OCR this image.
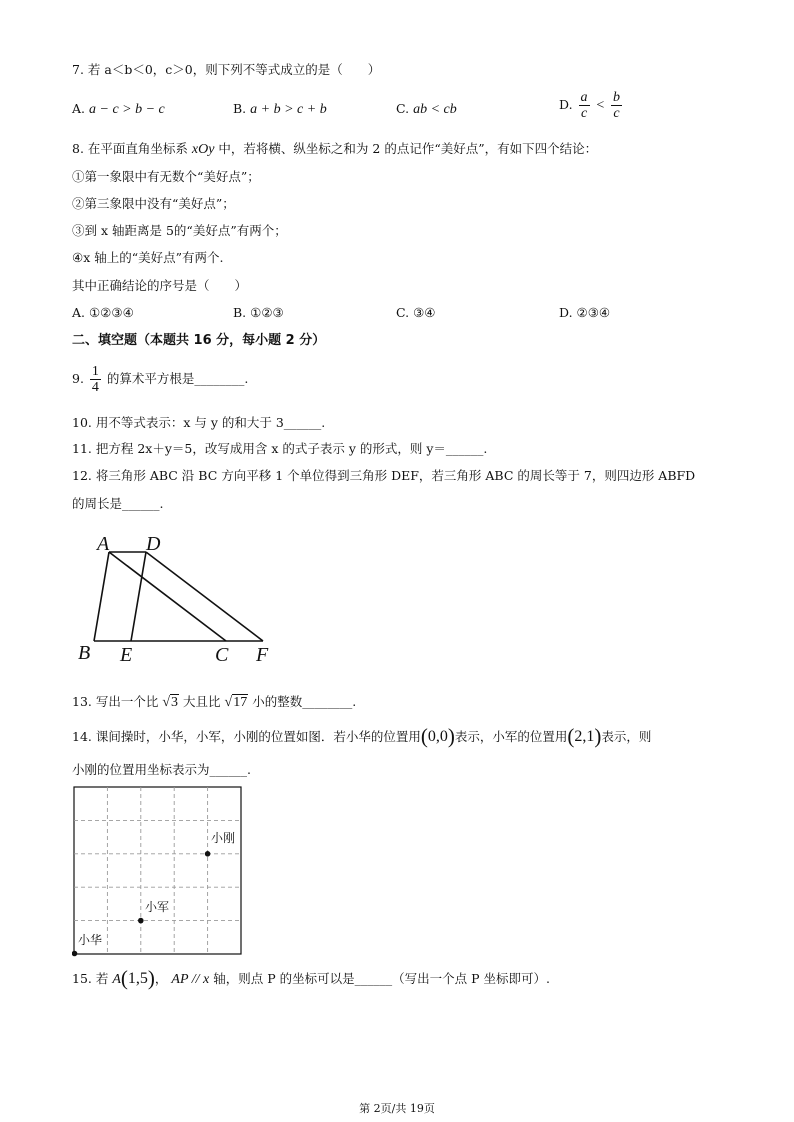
7. 若 a＜b＜0，c＞0，则下列不等式成立的是（　　）
A. a − c > b − c	B. a + b > c + b	C. ab < cb	D. $\frac{a}{c} < \frac{b}{c}$
8. 在平面直角坐标系 xOy 中，若将横、纵坐标之和为 2 的点记作“美好点”，有如下四个结论：
①第一象限中有无数个“美好点”；
②第三象限中没有“美好点”；
③到 x 轴距离是 5的“美好点”有两个；
④x 轴上的“美好点”有两个.
其中正确结论的序号是（　　）
A. ①②③④	B. ①②③	C. ③④	D. ②③④
二、填空题（本题共 16 分，每小题 2 分）
9. $\frac{1}{4}$ 的算术平方根是________.
10. 用不等式表示：x 与 y 的和大于 3______.
11. 把方程 2x＋y＝5，改写成用含 x 的式子表示 y 的形式，则 y＝______.
12. 将三角形 ABC 沿 BC 方向平移 1 个单位得到三角形 DEF，若三角形 ABC 的周长等于 7，则四边形 ABFD
的周长是______.
A D
B E	C F
13. 写出一个比 √3 大且比 √17 小的整数________.
14. 课间操时，小华，小军，小刚的位置如图．若小华的位置用(0,0)表示，小军的位置用(2,1)表示，则
小刚的位置用坐标表示为______.
小刚
小军
小华
15. 若 A(1,5)， AP // x 轴，则点 P 的坐标可以是______（写出一个点 P 坐标即可）.
第 2页/共 19页
